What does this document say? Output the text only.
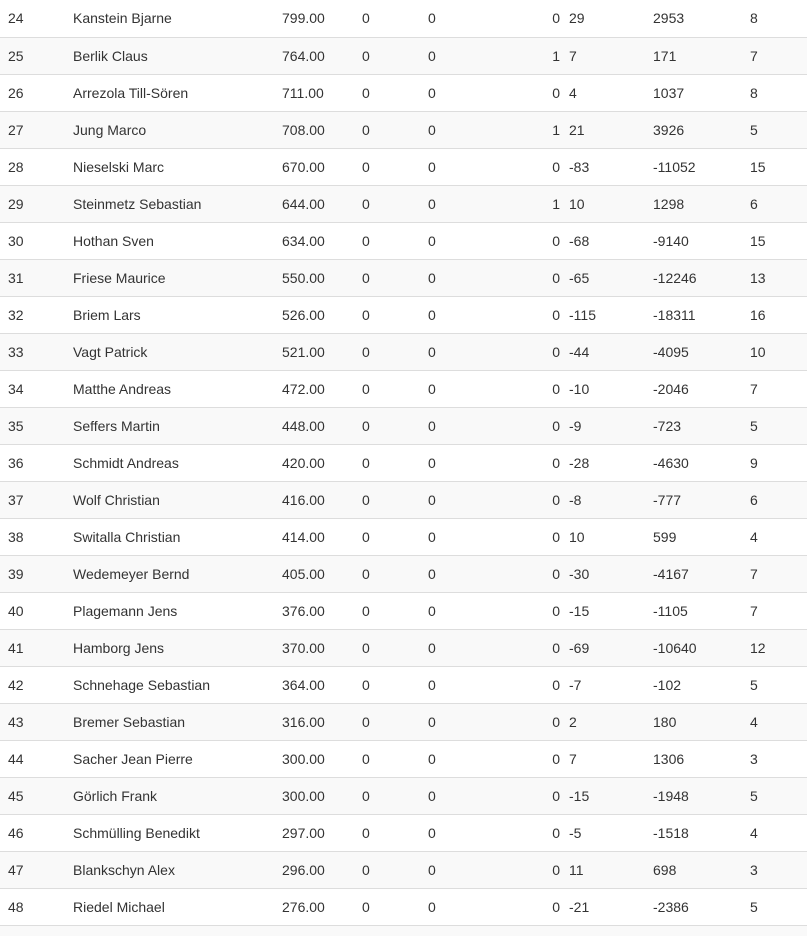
24	Kanstein Bjarne	799.00	0	0	0	29	2953	8
25	Berlik Claus	764.00	0	0	1	7	171	7
26	Arrezola Till-Sören	711.00	0	0	0	4	1037	8
27	Jung Marco	708.00	0	0	1	21	3926	5
28	Nieselski Marc	670.00	0	0	0	-83	-11052	15
29	Steinmetz Sebastian	644.00	0	0	1	10	1298	6
30	Hothan Sven	634.00	0	0	0	-68	-9140	15
31	Friese Maurice	550.00	0	0	0	-65	-12246	13
32	Briem Lars	526.00	0	0	0	-115	-18311	16
33	Vagt Patrick	521.00	0	0	0	-44	-4095	10
34	Matthe Andreas	472.00	0	0	0	-10	-2046	7
35	Seffers Martin	448.00	0	0	0	-9	-723	5
36	Schmidt Andreas	420.00	0	0	0	-28	-4630	9
37	Wolf Christian	416.00	0	0	0	-8	-777	6
38	Switalla Christian	414.00	0	0	0	10	599	4
39	Wedemeyer Bernd	405.00	0	0	0	-30	-4167	7
40	Plagemann Jens	376.00	0	0	0	-15	-1105	7
41	Hamborg Jens	370.00	0	0	0	-69	-10640	12
42	Schnehage Sebastian	364.00	0	0	0	-7	-102	5
43	Bremer Sebastian	316.00	0	0	0	2	180	4
44	Sacher Jean Pierre	300.00	0	0	0	7	1306	3
45	Görlich Frank	300.00	0	0	0	-15	-1948	5
46	Schmülling Benedikt	297.00	0	0	0	-5	-1518	4
47	Blankschyn Alex	296.00	0	0	0	11	698	3
48	Riedel Michael	276.00	0	0	0	-21	-2386	5
